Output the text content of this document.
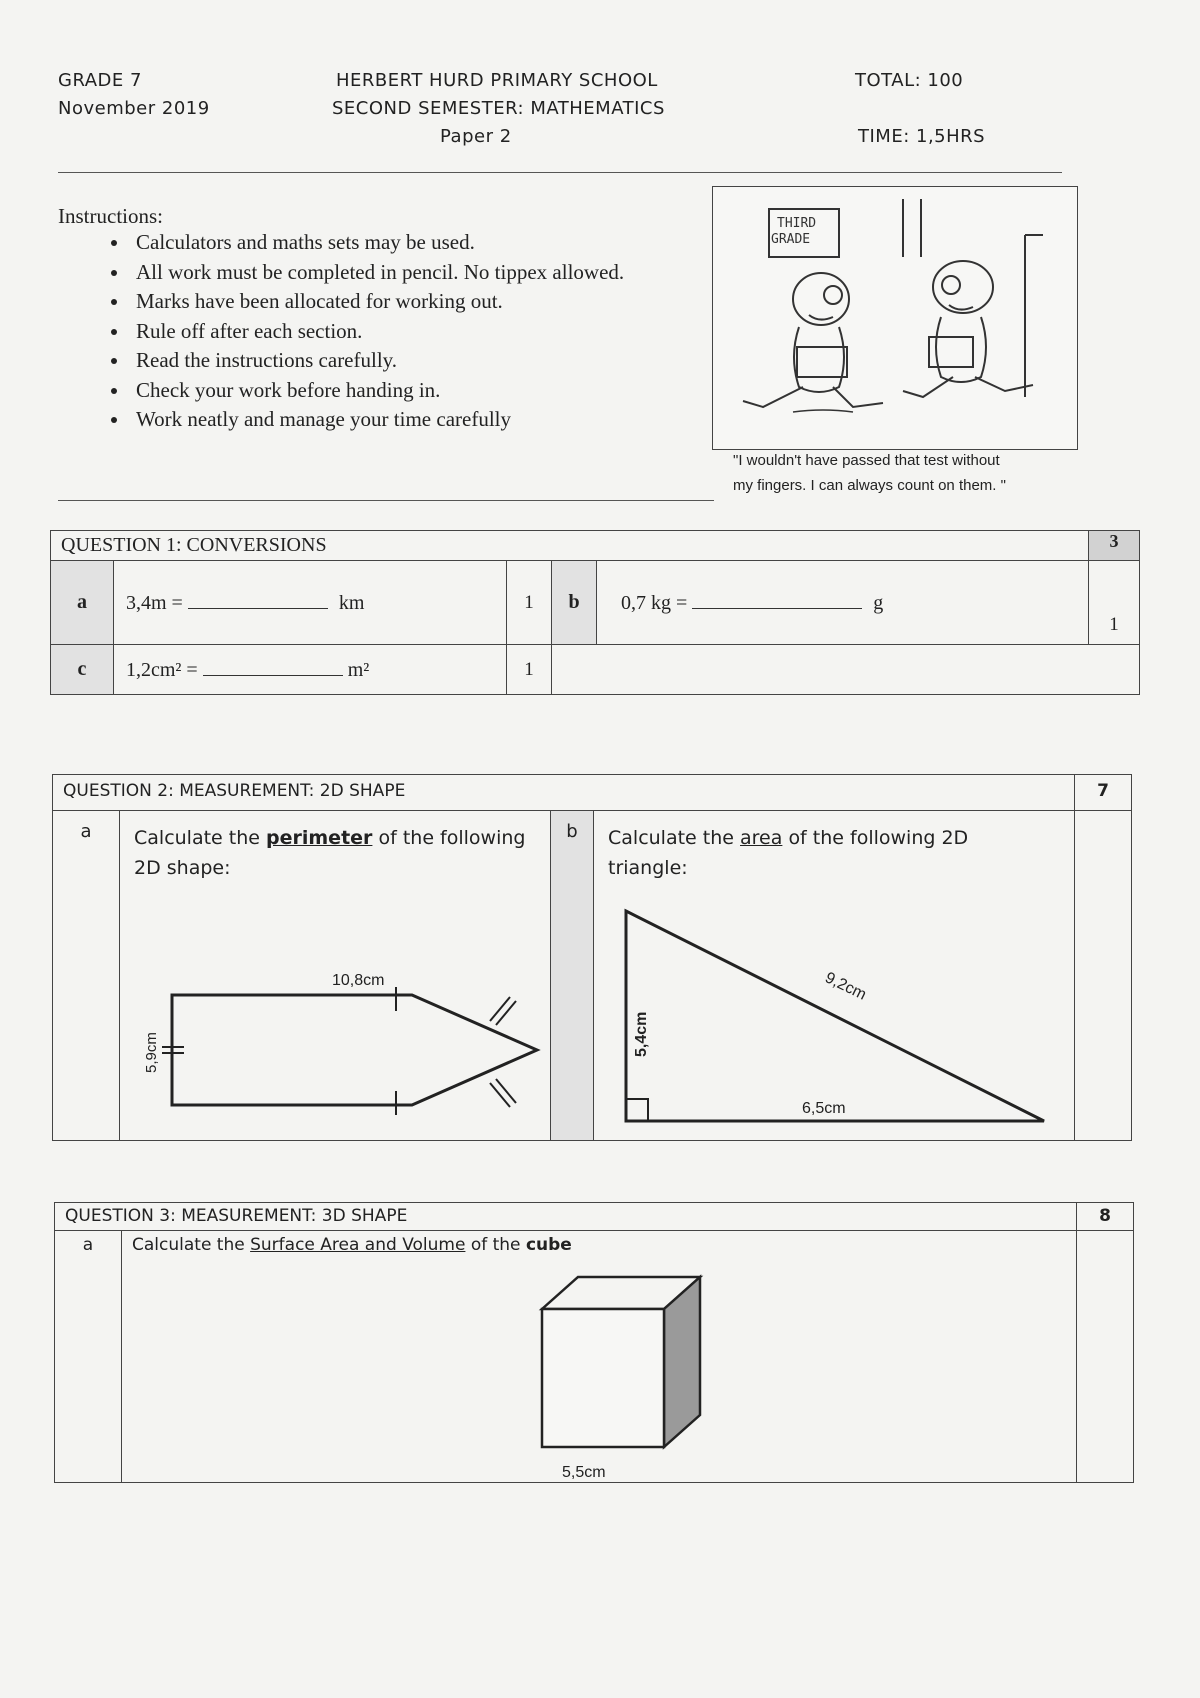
GRADE 7
November 2019
HERBERT HURD PRIMARY SCHOOL
SECOND SEMESTER: MATHEMATICS
Paper 2
TOTAL: 100
TIME: 1,5HRS
Instructions:
• Calculators and maths sets may be used.
• All work must be completed in pencil. No tippex allowed.
• Marks have been allocated for working out.
• Rule off after each section.
• Read the instructions carefully.
• Check your work before handing in.
• Work neatly and manage your time carefully
THIRD
GRADE
"I wouldn't have passed that test without
my fingers. I can always count on them. "
QUESTION 1: CONVERSIONS					3
a	3,4m = km	1	b	0,7 kg = g	1
c	1,2cm² = m²	1			
QUESTION 2: MEASUREMENT: 2D SHAPE				7
a	Calculate the perimeter of the following
2D shape:
10,8cm
5,9cm	b	Calculate the area of the following 2D
triangle:
9,2cm
5,4cm
6,5cm	

QUESTION 3: MEASUREMENT: 3D SHAPE		8
a	Calculate the Surface Area and Volume of the cube
5,5cm	
